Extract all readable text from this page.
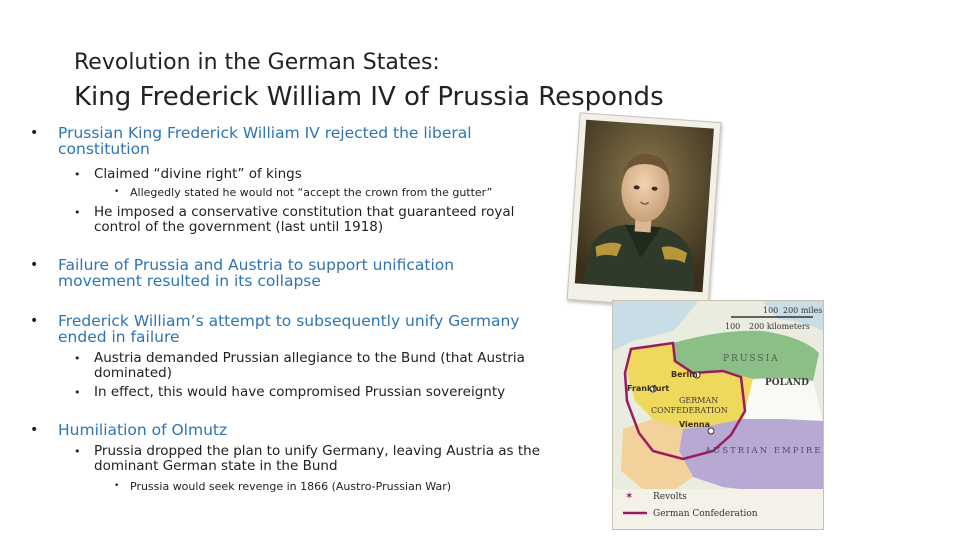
Revolution in the German States:
King Frederick William IV of Prussia Responds
• Prussian King Frederick William IV rejected the liberal
constitution
• Claimed “divine right” of kings
• Allegedly stated he would not “accept the crown from the gutter”
• He imposed a conservative constitution that guaranteed royal
control of the government (last until 1918)
• Failure of Prussia and Austria to support unification
movement resulted in its collapse
• Frederick William’s attempt to subsequently unify Germany
ended in failure
• Austria demanded Prussian allegiance to the Bund (that Austria
dominated)
• In effect, this would have compromised Prussian sovereignty
• Humiliation of Olmutz
• Prussia dropped the plan to unify Germany, leaving Austria as the
dominant German state in the Bund
• Prussia would seek revenge in 1866 (Austro-Prussian War)
PRUSSIA
Berlin
POLAND
Frankfurt
GERMAN
CONFEDERATION
Vienna
AUSTRIAN EMPIRE
100 200 miles
100 200 kilometers
✶ Revolts
German Confederation
